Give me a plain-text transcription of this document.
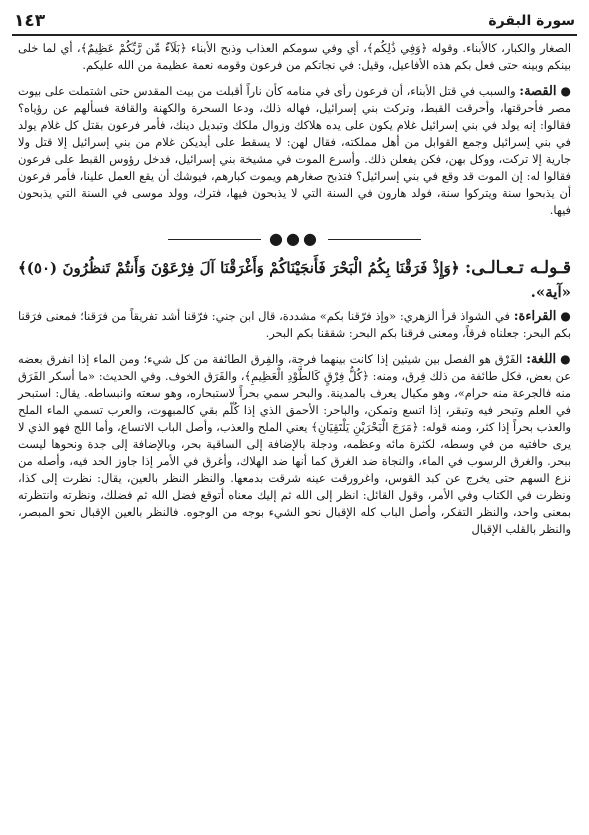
سورة البقرة
١٤٣

الصغار والكبار، كالأبناء. وقوله ﴿وَفِي ذَٰلِكُم﴾، أي وفي سومكم العذاب وذبح الأبناء ﴿بَلَآءٌ مِّن رَّبِّكُمْ عَظِيمٌ﴾، أي لما خلى بينكم وبينه حتى فعل بكم هذه الأفاعيل، وقيل: في نجاتكم من فرعون وقومه نعمة عظيمة من الله عليكم.

●القصة: والسبب في قتل الأبناء، أن فرعون رأى في منامه كأن ناراً أقبلت من بيت المقدس حتى اشتملت على بيوت مصر فأحرقتها، وأحرقت القبط، وتركت بني إسرائيل، فهاله ذلك، ودعا السحرة والكهنة والقافة فسألهم عن رؤياه؟ فقالوا: إنه يولد في بني إسرائيل غلام يكون على يده هلاكك وزوال ملكك وتبديل دينك، فأمر فرعون بقتل كل غلام يولد في بني إسرائيل وجمع القوابل من أهل مملكته، فقال لهن: لا يسقط على أيديكن غلام من بني إسرائيل إلا قتل ولا جارية إلا تركت، ووكل بهن، فكن يفعلن ذلك. وأسرع الموت في مشيخة بني إسرائيل، فدخل رؤوس القبط على فرعون فقالوا له: إن الموت قد وقع في بني إسرائيل؟ فتذبح صغارهم ويموت كبارهم، فيوشك أن يقع العمل علينا، فأمر فرعون أن يذبحوا سنة ويتركوا سنة، فولد هارون في السنة التي لا يذبحون فيها، فترك، وولد موسى في السنة التي يذبحون فيها.

●●●
قـولـه تـعـالـى: ﴿وَإِذْ فَرَقْنَا بِكُمُ الْبَحْرَ فَأَنجَيْنَاكُمْ وَأَغْرَقْنَا آلَ فِرْعَوْنَ وَأَنتُمْ تَنظُرُونَ (٥٠)﴾ «آية».

●القراءة: في الشواذ قرأ الزهري: «وإذ فرّقنا بكم» مشددة، قال ابن جني: فرّقنا أشد تفريقاً من فرَقنا؛ فمعنى فرَقنا بكم البحر: جعلناه فرقاً، ومعنى فرقنا بكم البحر: شققنا بكم البحر.

●اللغة: الفَرْق هو الفصل بين شيئين إذا كانت بينهما فرجة، والفِرق الطائفة من كل شيء؛ ومن الماء إذا انفرق بعضه عن بعض، فكل طائفة من ذلك فِرق، ومنه: ﴿كُلُّ فِرْقٍ كَالطَّوْدِ الْعَظِيمِ﴾، والفَرَق الخوف. وفي الحديث: «ما أسكر الفَرَق منه فالجرعة منه حرام»، وهو مكيال يعرف بالمدينة. والبحر سمي بحراً لاستبحاره، وهو سعته وانبساطه. يقال: استبحر في العلم وتبحر فيه وتبقر، إذا اتسع وتمكن، والباحر: الأحمق الذي إذا كُلّم بقي كالمبهوت، والعرب تسمي الماء الملح والعذب بحراً إذا كثر، ومنه قوله: ﴿مَرَجَ الْبَحْرَيْنِ يَلْتَقِيَانِ﴾ يعني الملح والعذب، وأصل الباب الاتساع، وأما اللج فهو الذي لا يرى حافتيه من في وسطه، لكثرة مائه وعظمه، ودجلة بالإضافة إلى الساقية بحر، وبالإضافة إلى جدة ونحوها ليست ببحر. والغرق الرسوب في الماء، والنجاة ضد الغرق كما أنها ضد الهلاك، وأغرق في الأمر إذا جاوز الحد فيه، وأصله من نزع السهم حتى يخرج عن كبد القوس، واغرورقت عينه شرقت بدمعها. والنظر النظر بالعين، يقال: نظرت إلى كذا، ونظرت في الكتاب وفي الأمر، وقول القائل: انظر إلى الله ثم إليك معناه أتوقع فضل الله ثم فضلك، ونظرته وانتظرته بمعنى واحد، والنظر التفكر، وأصل الباب كله الإقبال نحو الشيء بوجه من الوجوه. فالنظر بالعين الإقبال نحو المبصر، والنظر بالقلب الإقبال
